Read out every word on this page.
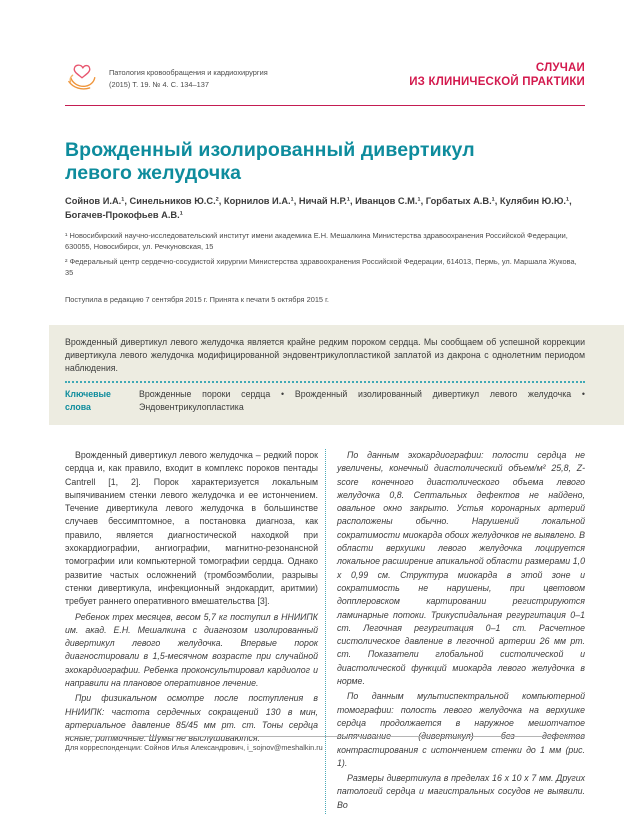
Патология кровообращения и кардиохирургия
(2015) Т. 19. № 4. С. 134–137
СЛУЧАИ
ИЗ КЛИНИЧЕСКОЙ ПРАКТИКИ
Врожденный изолированный дивертикул
левого желудочка

Сойнов И.А.¹, Синельников Ю.С.², Корнилов И.А.¹, Ничай Н.Р.¹, Иванцов С.М.¹, Горбатых А.В.¹, Кулябин Ю.Ю.¹, Богачев-Прокофьев А.В.¹

¹ Новосибирский научно-исследовательский институт имени академика Е.Н. Мешалкина Министерства здравоохранения Российской Федерации, 630055, Новосибирск, ул. Речкуновская, 15

² Федеральный центр сердечно-сосудистой хирургии Министерства здравоохранения Российской Федерации, 614013, Пермь, ул. Маршала Жукова, 35

Поступила в редакцию 7 сентября 2015 г. Принята к печати 5 октября 2015 г.

Врожденный дивертикул левого желудочка является крайне редким пороком сердца. Мы сообщаем об успешной коррекции дивертикула левого желудочка модифицированной эндовентрикулопластикой заплатой из дакрона с однолетним периодом наблюдения.

Ключевые слова
Врожденные пороки сердца • Врожденный изолированный дивертикул левого желудочка • Эндовентрикулопластика

Врожденный дивертикул левого желудочка – редкий порок сердца и, как правило, входит в комплекс пороков пентады Cantrell [1, 2]. Порок характеризуется локальным выпячиванием стенки левого желудочка и ее истончением. Течение дивертикула левого желудочка в большинстве случаев бессимптомное, а постановка диагноза, как правило, является диагностической находкой при эхокардиографии, ангиографии, магнитно-резонансной томографии или компьютерной томографии сердца. Однако развитие частых осложнений (тромбоэмболии, разрывы стенки дивертикула, инфекционный эндокардит, аритмии) требует раннего оперативного вмешательства [3].

Ребенок трех месяцев, весом 5,7 кг поступил в ННИИПК им. акад. Е.Н. Мешалкина с диагнозом изолированный дивертикул левого желудочка. Впервые порок диагностировали в 1,5-месячном возрасте при случайной эхокардиографии. Ребенка проконсультировал кардиолог и направили на плановое оперативное лечение.

При физикальном осмотре после поступления в ННИИПК: частота сердечных сокращений 130 в мин, артериальное давление 85/45 мм рт. ст. Тоны сердца ясные, ритмичные. Шумы не выслушиваются.

По данным эхокардиографии: полости сердца не увеличены, конечный диастолический объем/м² 25,8, Z-score конечного диастолического объема левого желудочка 0,8. Септальных дефектов не найдено, овальное окно закрыто. Устья коронарных артерий расположены обычно. Нарушений локальной сократимости миокарда обоих желудочков не выявлено. В области верхушки левого желудочка лоцируется локальное расширение апикальной области размерами 1,0 х 0,99 см. Структура миокарда в этой зоне и сократимость не нарушены, при цветовом допплеровском картировании регистрируются ламинарные потоки. Трикуспидальная регургитация 0–1 ст. Легочная регургитация 0–1 ст. Расчетное систолическое давление в легочной артерии 26 мм рт. ст. Показатели глобальной систолической и диастолической функций миокарда левого желудочка в норме.

По данным мультиспектральной компьютерной томографии: полость левого желудочка на верхушке сердца продолжается в наружное мешотчатое выпячивание (дивертикул) без дефектов контрастирования с истончением стенки до 1 мм (рис. 1).

Размеры дивертикула в пределах 16 х 10 х 7 мм. Других патологий сердца и магистральных сосудов не выявили. Во

Для корреспонденции: Сойнов Илья Александрович, i_sojnov@meshalkin.ru
